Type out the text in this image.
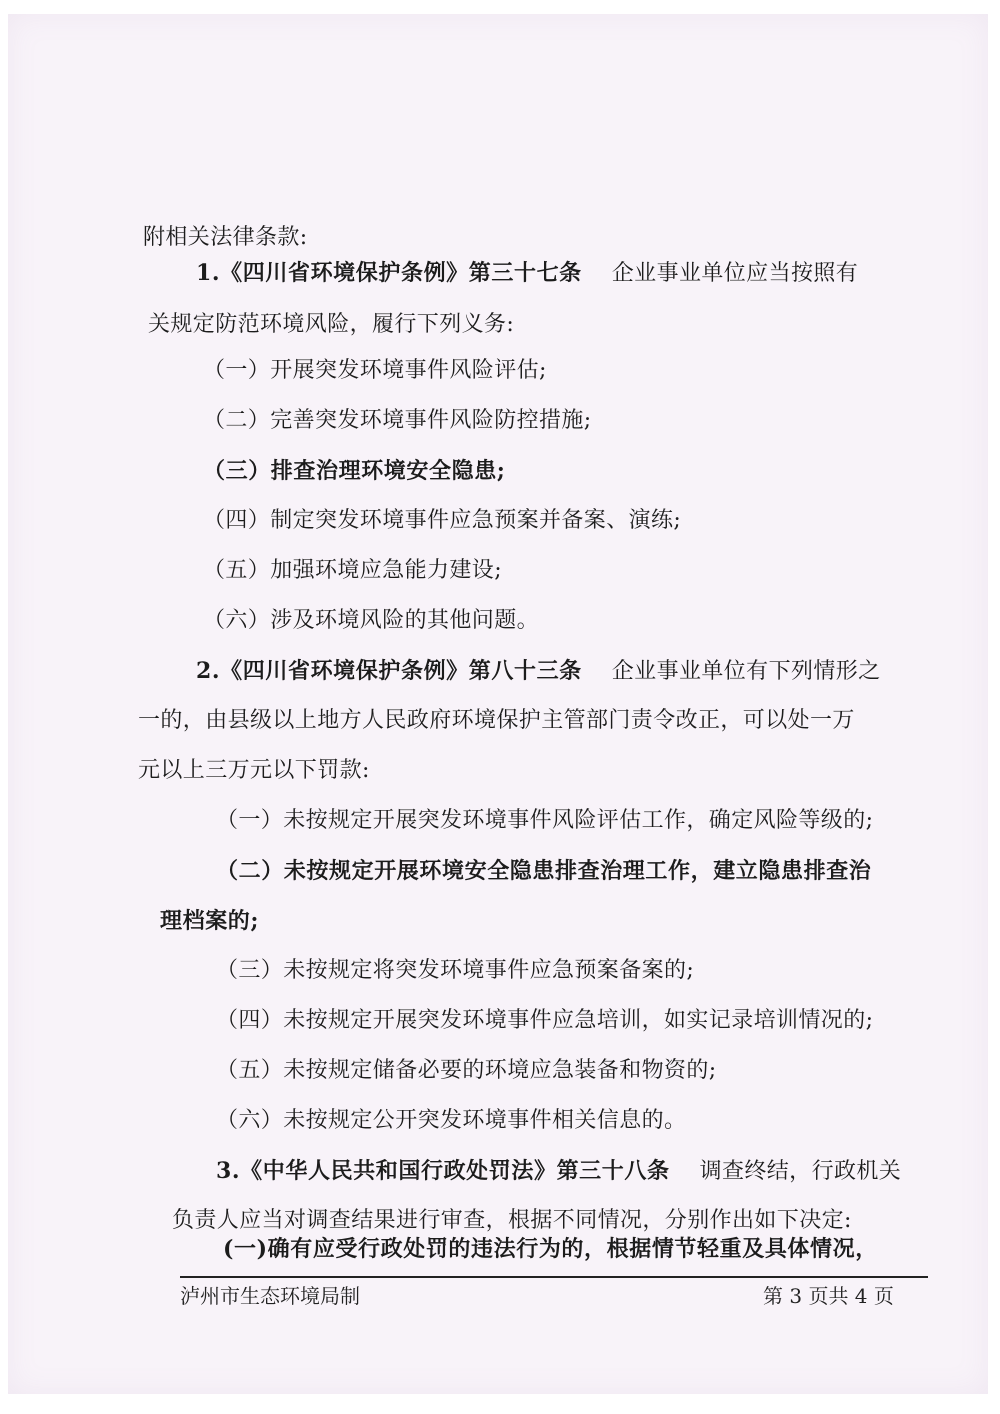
附相关法律条款:
1.《四川省环境保护条例》第三十七条 企业事业单位应当按照有
关规定防范环境风险，履行下列义务:
（一）开展突发环境事件风险评估;
（二）完善突发环境事件风险防控措施;
（三）排查治理环境安全隐患;
（四）制定突发环境事件应急预案并备案、演练;
（五）加强环境应急能力建设;
（六）涉及环境风险的其他问题。
2.《四川省环境保护条例》第八十三条 企业事业单位有下列情形之
一的，由县级以上地方人民政府环境保护主管部门责令改正，可以处一万
元以上三万元以下罚款:
（一）未按规定开展突发环境事件风险评估工作，确定风险等级的;
（二）未按规定开展环境安全隐患排查治理工作，建立隐患排查治
理档案的;
（三）未按规定将突发环境事件应急预案备案的;
（四）未按规定开展突发环境事件应急培训，如实记录培训情况的;
（五）未按规定储备必要的环境应急装备和物资的;
（六）未按规定公开突发环境事件相关信息的。
3.《中华人民共和国行政处罚法》第三十八条 调查终结，行政机关
负责人应当对调查结果进行审查，根据不同情况，分别作出如下决定:
(一)确有应受行政处罚的违法行为的，根据情节轻重及具体情况，
泸州市生态环境局制	第 3 页共 4 页
